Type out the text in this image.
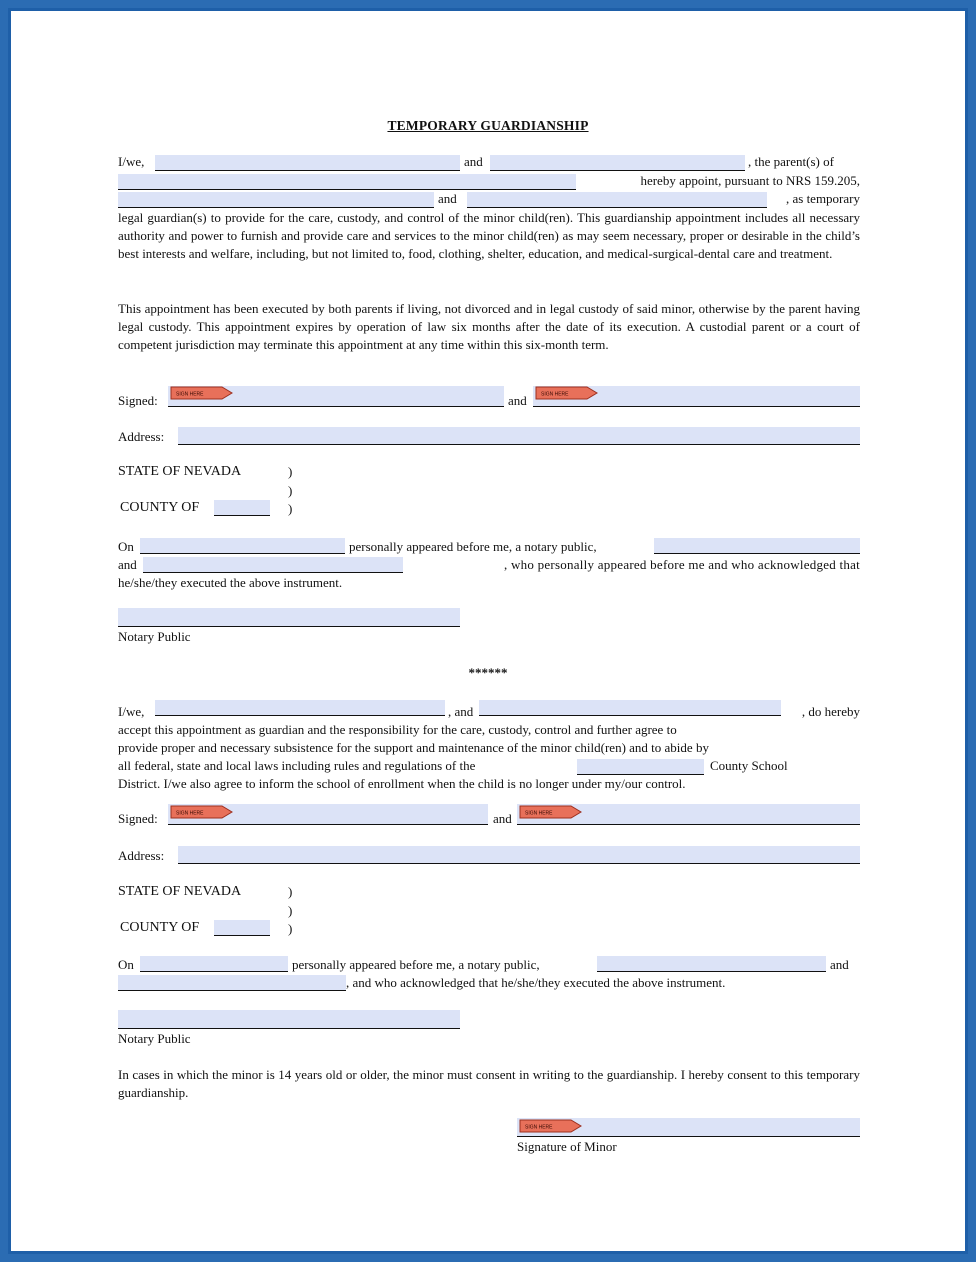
TEMPORARY GUARDIANSHIP
I/we,	and	, the parent(s) of
hereby appoint, pursuant to NRS 159.205,
and	, as temporary
legal guardian(s) to provide for the care, custody, and control of the minor child(ren). This guardianship appointment includes all necessary authority and power to furnish and provide care and services to the minor child(ren) as may seem necessary, proper or desirable in the child’s best interests and welfare, including, but not limited to, food, clothing, shelter, education, and medical-surgical-dental care and treatment.
This appointment has been executed by both parents if living, not divorced and in legal custody of said minor, otherwise by the parent having legal custody. This appointment expires by operation of law six months after the date of its execution. A custodial parent or a court of competent jurisdiction may terminate this appointment at any time within this six-month term.
Signed:	SIGN HERE	and	SIGN HERE
Address:
STATE OF NEVADA	)
)
)
COUNTY OF
On	personally appeared before me, a notary public,
and	, who personally appeared before me and who acknowledged that
he/she/they executed the above instrument.
Notary Public
******
I/we,	, and	, do hereby
accept this appointment as guardian and the responsibility for the care, custody, control and further agree to
provide proper and necessary subsistence for the support and maintenance of the minor child(ren) and to abide by
all federal, state and local laws including rules and regulations of the	County School
District. I/we also agree to inform the school of enrollment when the child is no longer under my/our control.
Signed:	SIGN HERE	and	SIGN HERE
Address:
STATE OF NEVADA	)
)
)
COUNTY OF
On	personally appeared before me, a notary public,	and
, and who acknowledged that he/she/they executed the above instrument.
Notary Public
In cases in which the minor is 14 years old or older, the minor must consent in writing to the guardianship. I hereby consent to this temporary guardianship.
SIGN HERE
Signature of Minor
